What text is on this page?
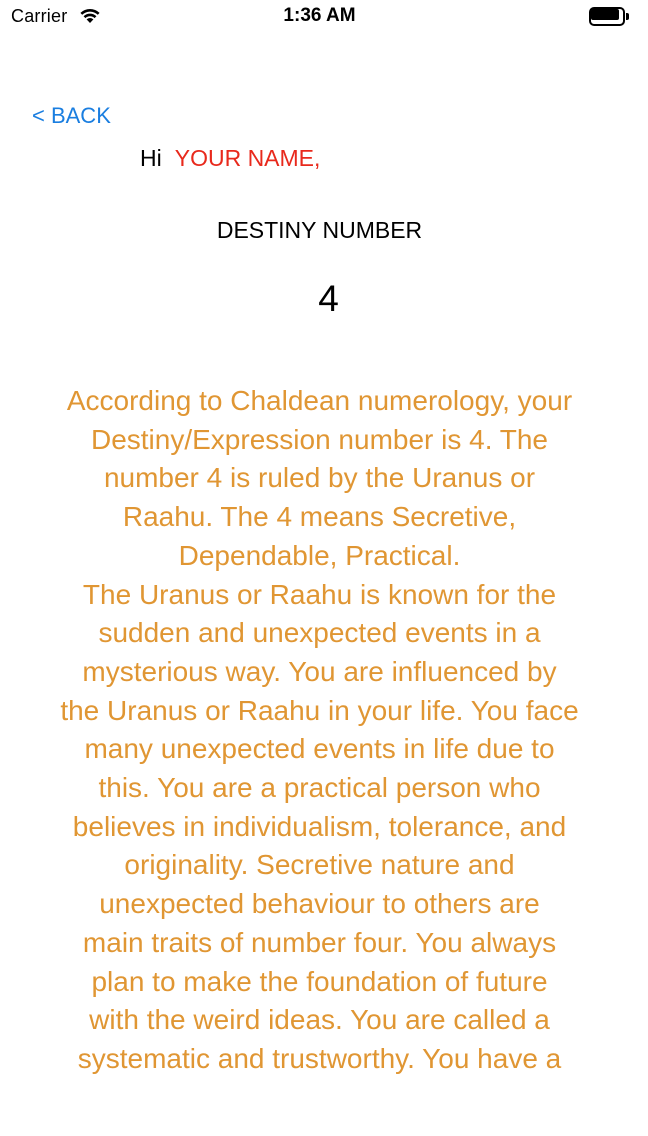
Carrier	1:36 AM
< BACK
Hi YOUR NAME,
DESTINY NUMBER
4

According to Chaldean numerology, your
Destiny/Expression number is 4. The
number 4 is ruled by the Uranus or
Raahu. The 4 means Secretive,
Dependable, Practical.
The Uranus or Raahu is known for the
sudden and unexpected events in a
mysterious way. You are influenced by
the Uranus or Raahu in your life. You face
many unexpected events in life due to
this. You are a practical person who
believes in individualism, tolerance, and
originality. Secretive nature and
unexpected behaviour to others are
main traits of number four. You always
plan to make the foundation of future
with the weird ideas. You are called a
systematic and trustworthy. You have a
